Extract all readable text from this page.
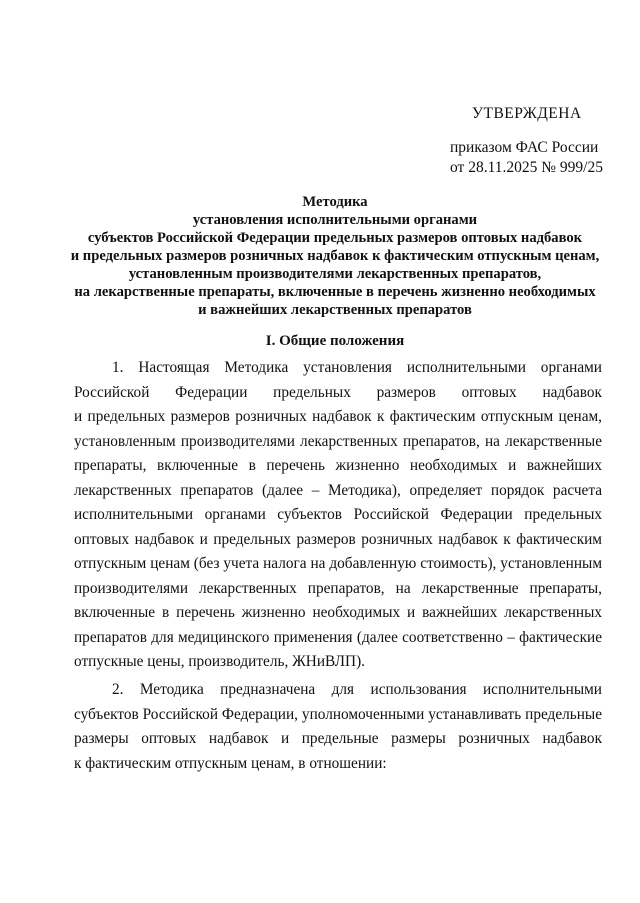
УТВЕРЖДЕНА
приказом ФАС России
от 28.11.2025 № 999/25
Методика
установления исполнительными органами
субъектов Российской Федерации предельных размеров оптовых надбавок
и предельных размеров розничных надбавок к фактическим отпускным ценам,
установленным производителями лекарственных препаратов,
на лекарственные препараты, включенные в перечень жизненно необходимых
и важнейших лекарственных препаратов
I. Общие положения
1. Настоящая Методика установления исполнительными органами
Российской Федерации предельных размеров оптовых надбавок
и предельных размеров розничных надбавок к фактическим отпускным ценам,
установленным производителями лекарственных препаратов, на лекарственные
препараты, включенные в перечень жизненно необходимых и важнейших
лекарственных препаратов (далее – Методика), определяет порядок расчета
исполнительными органами субъектов Российской Федерации предельных
оптовых надбавок и предельных размеров розничных надбавок к фактическим
отпускным ценам (без учета налога на добавленную стоимость), установленным
производителями лекарственных препаратов, на лекарственные препараты,
включенные в перечень жизненно необходимых и важнейших лекарственных
препаратов для медицинского применения (далее соответственно – фактические
отпускные цены, производитель, ЖНиВЛП).
2. Методика предназначена для использования исполнительными
субъектов Российской Федерации, уполномоченными устанавливать предельные
размеры оптовых надбавок и предельные размеры розничных надбавок
к фактическим отпускным ценам, в отношении:
